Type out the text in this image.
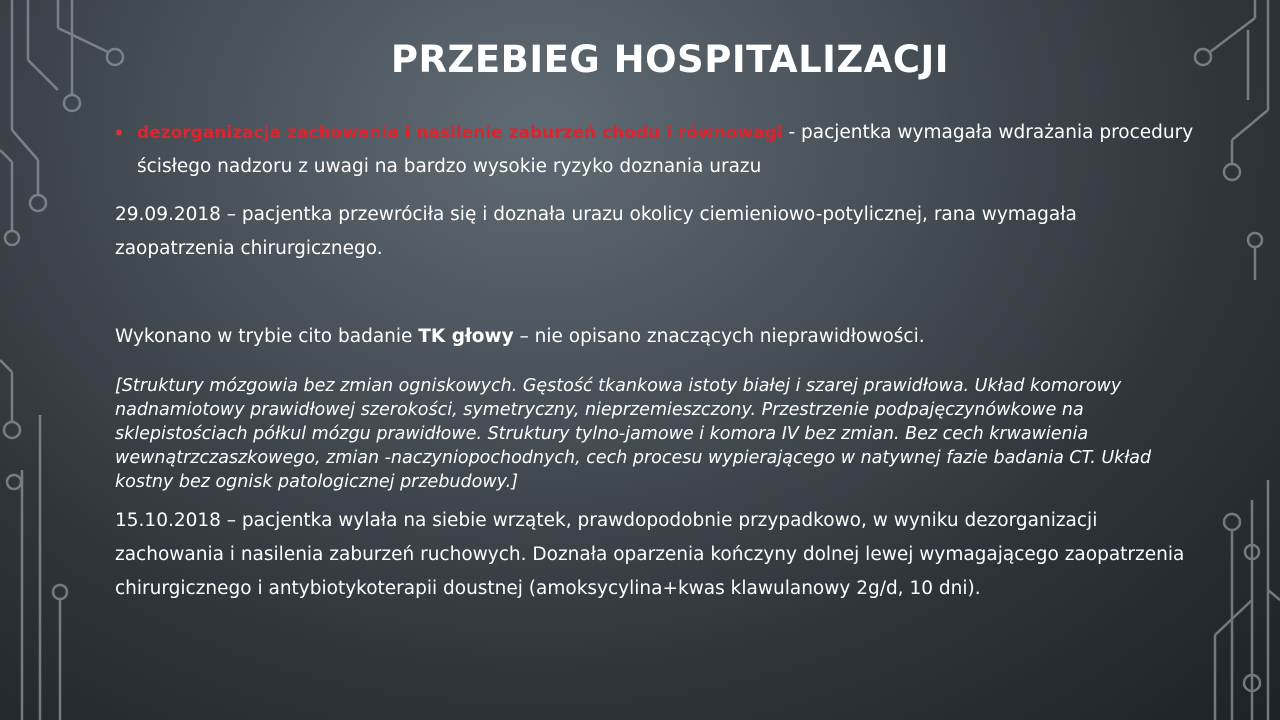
PRZEBIEG HOSPITALIZACJI
• dezorganizacja zachowania i nasilenie zaburzeń chodu i równowagi - pacjentka wymagała wdrażania procedury ścisłego nadzoru z uwagi na bardzo wysokie ryzyko doznania urazu

29.09.2018 – pacjentka przewróciła się i doznała urazu okolicy ciemieniowo-potylicznej, rana wymagała zaopatrzenia chirurgicznego.

Wykonano w trybie cito badanie TK głowy – nie opisano znaczących nieprawidłowości.

[Struktury mózgowia bez zmian ogniskowych. Gęstość tkankowa istoty białej i szarej prawidłowa. Układ komorowy nadnamiotowy prawidłowej szerokości, symetryczny, nieprzemieszczony. Przestrzenie podpajęczynówkowe na sklepistościach półkul mózgu prawidłowe. Struktury tylno-jamowe i komora IV bez zmian. Bez cech krwawienia wewnątrzczaszkowego, zmian -naczyniopochodnych, cech procesu wypierającego w natywnej fazie badania CT. Układ kostny bez ognisk patologicznej przebudowy.]

15.10.2018 – pacjentka wylała na siebie wrzątek, prawdopodobnie przypadkowo, w wyniku dezorganizacji zachowania i nasilenia zaburzeń ruchowych. Doznała oparzenia kończyny dolnej lewej wymagającego zaopatrzenia chirurgicznego i antybiotykoterapii doustnej (amoksycylina+kwas klawulanowy 2g/d, 10 dni).
